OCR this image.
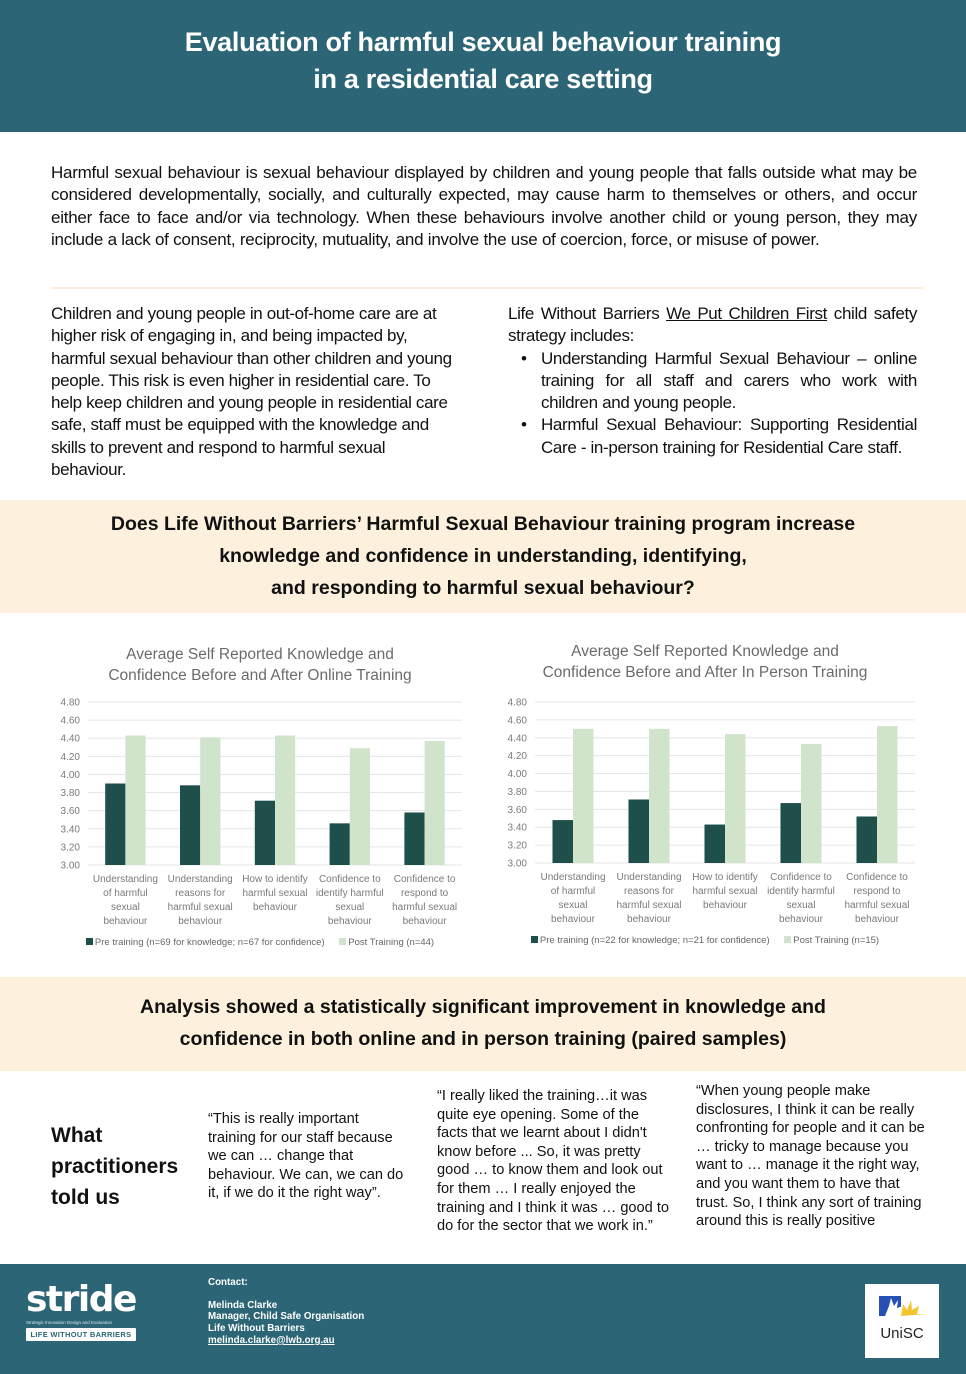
Evaluation of harmful sexual behaviour training
in a residential care setting

Harmful sexual behaviour is sexual behaviour displayed by children and young people that falls outside what may be considered developmentally, socially, and culturally expected, may cause harm to themselves or others, and occur either face to face and/or via technology. When these behaviours involve another child or young person, they may include a lack of consent, reciprocity, mutuality, and involve the use of coercion, force, or misuse of power.

Children and young people in out-of-home care are at higher risk of engaging in, and being impacted by, harmful sexual behaviour than other children and young people. This risk is even higher in residential care. To help keep children and young people in residential care safe, staff must be equipped with the knowledge and skills to prevent and respond to harmful sexual behaviour.

Life Without Barriers We Put Children First child safety strategy includes:

• Understanding Harmful Sexual Behaviour – online training for all staff and carers who work with children and young people.
• Harmful Sexual Behaviour: Supporting Residential Care - in-person training for Residential Care staff.
Does Life Without Barriers’ Harmful Sexual Behaviour training program increase
knowledge and confidence in understanding, identifying,
and responding to harmful sexual behaviour?
Average Self Reported Knowledge and
Confidence Before and After Online Training
3.00
3.20
3.40
3.60
3.80
4.00
4.20
4.40
4.60
4.80
Understanding
of harmful
sexual
behaviour
Understanding
reasons for
harmful sexual
behaviour
How to identify
harmful sexual
behaviour
Confidence to
identify harmful
sexual
behaviour
Confidence to
respond to
harmful sexual
behaviour
Pre training (n=69 for knowledge; n=67 for confidence) Post Training (n=44)
Average Self Reported Knowledge and
Confidence Before and After In Person Training
3.00
3.20
3.40
3.60
3.80
4.00
4.20
4.40
4.60
4.80
Understanding
of harmful
sexual
behaviour
Understanding
reasons for
harmful sexual
behaviour
How to identify
harmful sexual
behaviour
Confidence to
identify harmful
sexual
behaviour
Confidence to
respond to
harmful sexual
behaviour
Pre training (n=22 for knowledge; n=21 for confidence) Post Training (n=15)
Analysis showed a statistically significant improvement in knowledge and
confidence in both online and in person training (paired samples)
What
practitioners
told us

“This is really important training for our staff because we can … change that behaviour. We can, we can do it, if we do it the right way”.

“I really liked the training…it was quite eye opening. Some of the facts that we learnt about I didn't know before ... So, it was pretty good … to know them and look out for them … I really enjoyed the training and I think it was … good to do for the sector that we work in.”

“When young people make disclosures, I think it can be really confronting for people and it can be … tricky to manage because you want to … manage it the right way, and you want them to have that trust. So, I think any sort of training around this is really positive

stride
Strategic Innovation Design and Evaluation
LIFE WITHOUT BARRIERS
Contact:
Melinda Clarke
Manager, Child Safe Organisation
Life Without Barriers
melinda.clarke@lwb.org.au	UniSC
